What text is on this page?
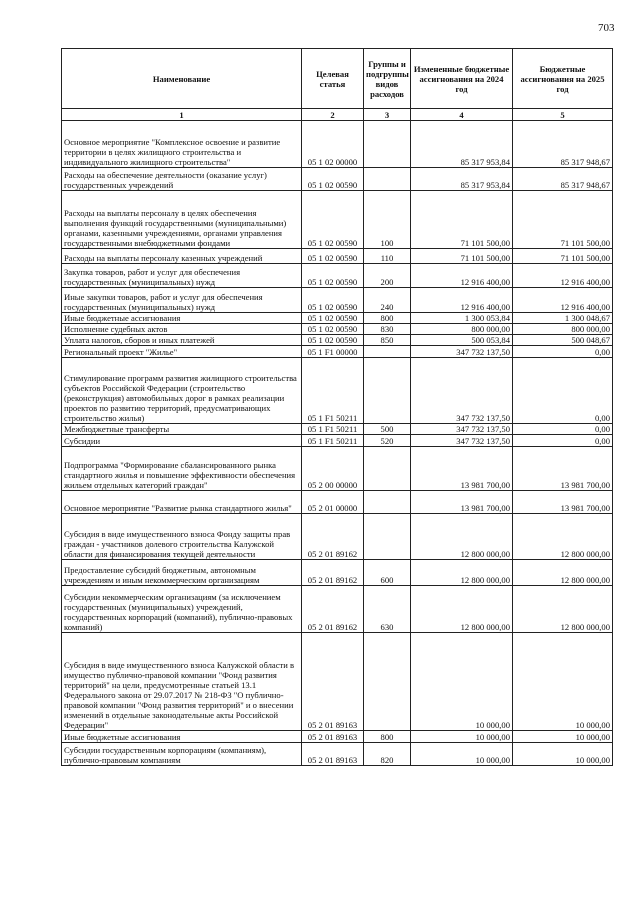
703
Наименование	Целевая статья	Группы и подгруппы видов расходов	Измененные бюджетные ассигнования на 2024 год	Бюджетные ассигнования на 2025 год
1	2	3	4	5
Основное мероприятие "Комплексное освоение и развитие территории в целях жилищного строительства и индивидуального жилищного строительства"	05 1 02 00000		85 317 953,84	85 317 948,67
Расходы на обеспечение деятельности (оказание услуг) государственных учреждений	05 1 02 00590		85 317 953,84	85 317 948,67
Расходы на выплаты персоналу в целях обеспечения выполнения функций государственными (муниципальными) органами, казенными учреждениями, органами управления государственными внебюджетными фондами	05 1 02 00590	100	71 101 500,00	71 101 500,00
Расходы на выплаты персоналу казенных учреждений	05 1 02 00590	110	71 101 500,00	71 101 500,00
Закупка товаров, работ и услуг для обеспечения государственных (муниципальных) нужд	05 1 02 00590	200	12 916 400,00	12 916 400,00
Иные закупки товаров, работ и услуг для обеспечения государственных (муниципальных) нужд	05 1 02 00590	240	12 916 400,00	12 916 400,00
Иные бюджетные ассигнования	05 1 02 00590	800	1 300 053,84	1 300 048,67
Исполнение судебных актов	05 1 02 00590	830	800 000,00	800 000,00
Уплата налогов, сборов и иных платежей	05 1 02 00590	850	500 053,84	500 048,67
Региональный проект "Жилье"	05 1 F1 00000		347 732 137,50	0,00
Стимулирование программ развития жилищного строительства субъектов Российской Федерации (строительство (реконструкция) автомобильных дорог в рамках реализации проектов по развитию территорий, предусматривающих строительство жилья)	05 1 F1 50211		347 732 137,50	0,00
Межбюджетные трансферты	05 1 F1 50211	500	347 732 137,50	0,00
Субсидии	05 1 F1 50211	520	347 732 137,50	0,00
Подпрограмма "Формирование сбалансированного рынка стандартного жилья и повышение эффективности обеспечения жильем отдельных категорий граждан"	05 2 00 00000		13 981 700,00	13 981 700,00
Основное мероприятие "Развитие рынка стандартного жилья"	05 2 01 00000		13 981 700,00	13 981 700,00
Субсидия в виде имущественного взноса Фонду защиты прав граждан - участников долевого строительства Калужской области для финансирования текущей деятельности	05 2 01 89162		12 800 000,00	12 800 000,00
Предоставление субсидий бюджетным, автономным учреждениям и иным некоммерческим организациям	05 2 01 89162	600	12 800 000,00	12 800 000,00
Субсидии некоммерческим организациям (за исключением государственных (муниципальных) учреждений, государственных корпораций (компаний), публично-правовых компаний)	05 2 01 89162	630	12 800 000,00	12 800 000,00
Субсидия в виде имущественного взноса Калужской области в имущество публично-правовой компании "Фонд развития территорий" на цели, предусмотренные статьей 13.1 Федерального закона от 29.07.2017 № 218-ФЗ "О публично-правовой компании "Фонд развития территорий" и о внесении изменений в отдельные законодательные акты Российской Федерации"	05 2 01 89163		10 000,00	10 000,00
Иные бюджетные ассигнования	05 2 01 89163	800	10 000,00	10 000,00
Субсидии государственным корпорациям (компаниям), публично-правовым компаниям	05 2 01 89163	820	10 000,00	10 000,00
